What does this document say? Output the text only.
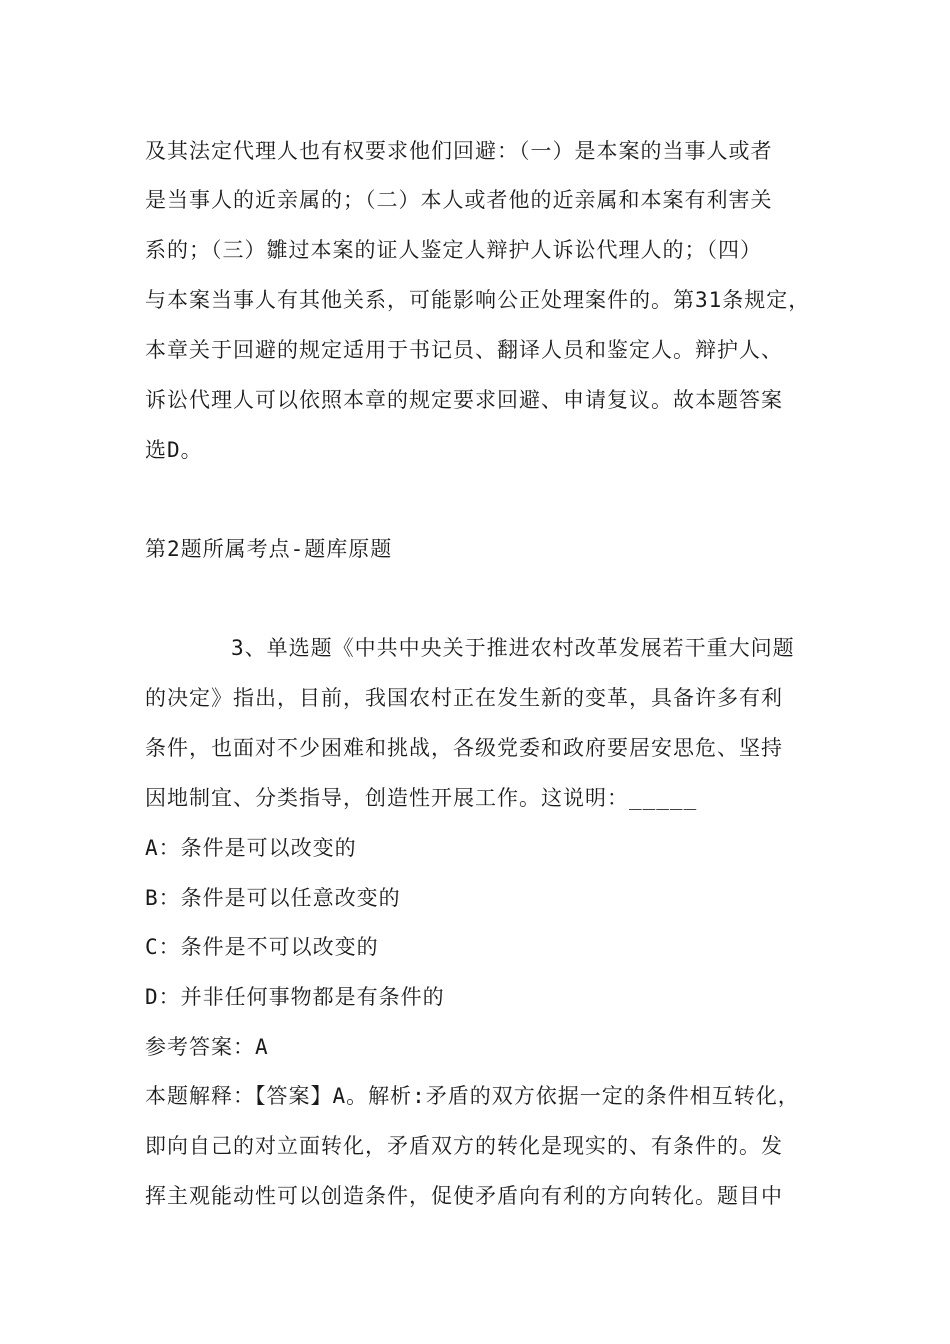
及其法定代理人也有权要求他们回避：（一）是本案的当事人或者
是当事人的近亲属的；（二）本人或者他的近亲属和本案有利害关
系的；（三）雛过本案的证人鉴定人辩护人诉讼代理人的；（四）
与本案当事人有其他关系，可能影响公正处理案件的。第31条规定，
本章关于回避的规定适用于书记员、翻译人员和鉴定人。辩护人、
诉讼代理人可以依照本章的规定要求回避、申请复议。故本题答案
选D。
第2题所属考点-题库原题
3、单选题《中共中央关于推进农村改革发展若干重大问题
的决定》指出，目前，我国农村正在发生新的变革，具备许多有利
条件，也面对不少困难和挑战，各级党委和政府要居安思危、坚持
因地制宜、分类指导，创造性开展工作。这说明：_____
A：条件是可以改变的
B：条件是可以任意改变的
C：条件是不可以改变的
D：并非任何事物都是有条件的
参考答案：A
本题解释：【答案】A。解析:矛盾的双方依据一定的条件相互转化，
即向自己的对立面转化，矛盾双方的转化是现实的、有条件的。发
挥主观能动性可以创造条件，促使矛盾向有利的方向转化。题目中
